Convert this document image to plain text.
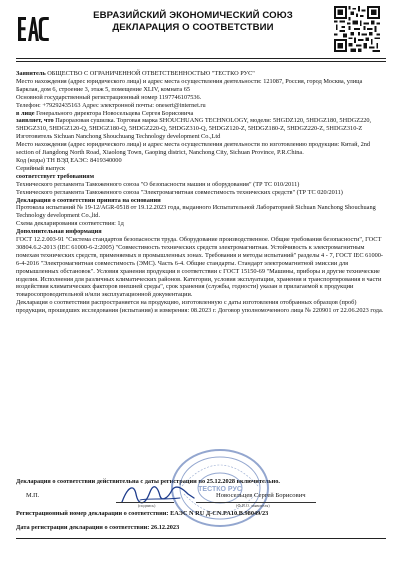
ЕВРАЗИЙСКИЙ ЭКОНОМИЧЕСКИЙ СОЮЗ
ДЕКЛАРАЦИЯ О СООТВЕТСТВИИ

Заявитель ОБЩЕСТВО С ОГРАНИЧЕННОЙ ОТВЕТСТВЕННОСТЬЮ "ТЕСТКО РУС"

Место нахождения (адрес юридического лица) и адрес места осуществления деятельности: 121087, Россия, город Москва, улица Барклая, дом 6, строение 3, этаж 5, помещение XLIV, комната 65

Основной государственный регистрационный номер 1197746107536.

Телефон: +79292435163 Адрес электронной почты: onesert@internet.ru

в лице Генерального директора Новосельцева Сергея Борисовича

заявляет, что Пароразовая сушилка. Торговая марка SHOUCHUANG TECHNOLOGY, модели: 5HGDZ120, 5HDGZ180, 5HDGZ220, 5HDGZ310, 5HDGZ120-Q, 5HDGZ180-Q, 5HDGZ220-Q, 5HDGZ310-Q, 5HDGZ120-Z, 5HDGZ180-Z, 5HDGZ220-Z, 5HDGZ310-Z

Изготовитель Sichuan Nanchong Shouchuang Technology development Co.,Ltd

Место нахождения (адрес юридического лица) и адрес места осуществления деятельности по изготовлению продукции: Китай, 2nd section of Jiangdong North Road, Xiaolong Town, Gaoping district, Nanchong City, Sichuan Province, P.R.China.

Код (коды) ТН ВЭД ЕАЭС: 8419340000

Серийный выпуск

соответствует требованиям

Технического регламента Таможенного союза "О безопасности машин и оборудования" (ТР ТС 010/2011)

Технического регламента Таможенного союза "Электромагнитная совместимость технических средств" (ТР ТС 020/2011)

Декларация о соответствии принята на основании

Протокола испытаний № 19-12/AGR-0518 от 19.12.2023 года, выданного Испытательной Лабораторией Sichuan Nanchong Shouchuang Technology development Co.,ltd.

Схема декларирования соответствия: 1д

Дополнительная информация

ГОСТ 12.2.003-91 "Система стандартов безопасности труда. Оборудование производственное. Общие требования безопасности", ГОСТ 30804.6.2-2013 (IEC 61000-6-2:2005) "Совместимость технических средств электромагнитная. Устойчивость к электромагнитным помехам технических средств, применяемых в промышленных зонах. Требования и методы испытаний" разделы 4 - 7, ГОСТ IEC 61000-6-4-2016 "Электромагнитная совместимость (ЭМС). Часть 6-4. Общие стандарты. Стандарт электромагнитной эмиссии для промышленных обстановок". Условия хранения продукции в соответствии с ГОСТ 15150-69 "Машины, приборы и другие технические изделия. Исполнения для различных климатических районов. Категории, условия эксплуатации, хранения и транспортирования в части воздействия климатических факторов внешней среды", срок хранения (службы, годности) указан в прилагаемой к продукции товаросопроводительной и/или эксплуатационной документации.

Декларация о соответствии распространяется на продукцию, изготовленную с даты изготовления отобранных образцов (проб) продукции, прошедших исследования (испытания) и измерения: 08.2023 г. Договор уполномоченного лица № 220901 от 22.06.2023 года.

Декларация о соответствии действительна с даты регистрации по 25.12.2028 включительно.
ТЕСТКО РУС
М.П.	Новосельцев Сергей Борисович
(подпись)	(Ф.И.О. заявителя)
Регистрационный номер декларации о соответствии: ЕАЭС N RU Д-CN.PA10.B.98049/23
Дата регистрации декларации о соответствии: 26.12.2023
